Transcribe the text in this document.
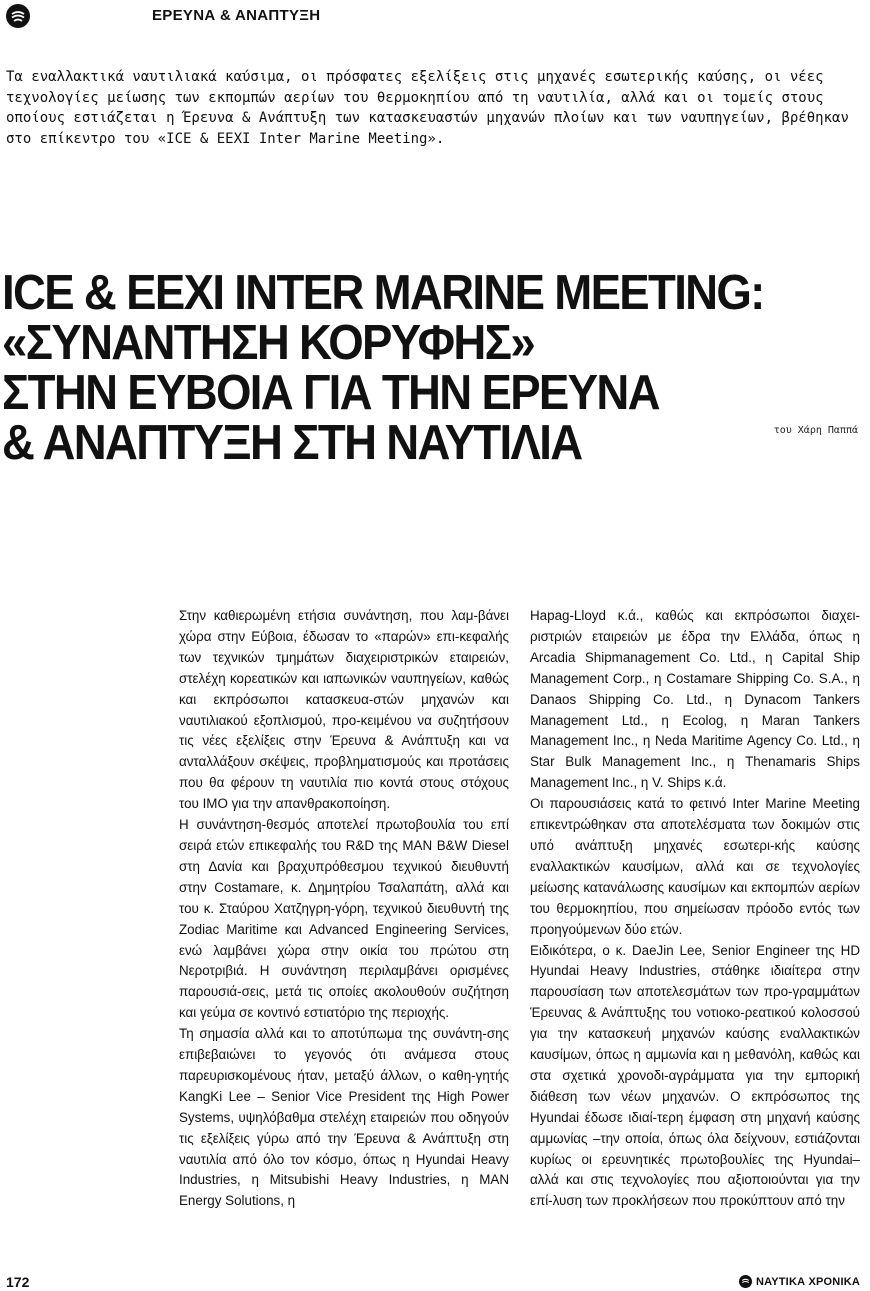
ΕΡΕΥΝΑ & ΑΝΑΠΤΥΞΗ

Τα εναλλακτικά ναυτιλιακά καύσιμα, οι πρόσφατες εξελίξεις στις μηχανές εσωτερικής καύσης, οι νέες τεχνολογίες μείωσης των εκπομπών αερίων του θερμοκηπίου από τη ναυτιλία, αλλά και οι τομείς στους οποίους εστιάζεται η Έρευνα & Ανάπτυξη των κατασκευαστών μηχανών πλοίων και των ναυπηγείων, βρέθηκαν στο επίκεντρο του «ICE & EEXI Inter Marine Meeting».

ICE & EEXI INTER MARINE MEETING:
«ΣΥΝΑΝΤΗΣΗ ΚΟΡΥΦΗΣ»
ΣΤΗΝ ΕΥΒΟΙΑ ΓΙΑ ΤΗΝ ΕΡΕΥΝΑ
& ΑΝΑΠΤΥΞΗ ΣΤΗ ΝΑΥΤΙΛΙΑ	του Χάρη Παππά

Στην καθιερωμένη ετήσια συνάντηση, που λαμ-βάνει χώρα στην Εύβοια, έδωσαν το «παρών» επι-κεφαλής των τεχνικών τμημάτων διαχειριστρικών εταιρειών, στελέχη κορεατικών και ιαπωνικών ναυπηγείων, καθώς και εκπρόσωποι κατασκευα-στών μηχανών και ναυτιλιακού εξοπλισμού, προ-κειμένου να συζητήσουν τις νέες εξελίξεις στην Έρευνα & Ανάπτυξη και να ανταλλάξουν σκέψεις, προβληματισμούς και προτάσεις που θα φέρουν τη ναυτιλία πιο κοντά στους στόχους του IMO για την απανθρακοποίηση.

Η συνάντηση-θεσμός αποτελεί πρωτοβουλία του επί σειρά ετών επικεφαλής του R&D της MAN B&W Diesel στη Δανία και βραχυπρόθεσμου τεχνικού διευθυντή στην Costamare, κ. Δημητρίου Τσαλαπάτη, αλλά και του κ. Σταύρου Χατζηγρη-γόρη, τεχνικού διευθυντή της Zodiac Maritime και Advanced Engineering Services, ενώ λαμβάνει χώρα στην οικία του πρώτου στη Νεροτριβιά. Η συνάντηση περιλαμβάνει ορισμένες παρουσιά-σεις, μετά τις οποίες ακολουθούν συζήτηση και γεύμα σε κοντινό εστιατόριο της περιοχής.

Τη σημασία αλλά και το αποτύπωμα της συνάντη-σης επιβεβαιώνει το γεγονός ότι ανάμεσα στους παρευρισκομένους ήταν, μεταξύ άλλων, ο καθη-γητής KangKi Lee – Senior Vice President της High Power Systems, υψηλόβαθμα στελέχη εταιρειών που οδηγούν τις εξελίξεις γύρω από την Έρευνα & Ανάπτυξη στη ναυτιλία από όλο τον κόσμο, όπως η Hyundai Heavy Industries, η Mitsubishi Heavy Industries, η MAN Energy Solutions, η

Hapag-Lloyd κ.ά., καθώς και εκπρόσωποι διαχει-ριστριών εταιρειών με έδρα την Ελλάδα, όπως η Arcadia Shipmanagement Co. Ltd., η Capital Ship Management Corp., η Costamare Shipping Co. S.A., η Danaos Shipping Co. Ltd., η Dynacom Tankers Management Ltd., η Ecolog, η Maran Tankers Management Inc., η Neda Maritime Agency Co. Ltd., η Star Bulk Management Inc., η Thenamaris Ships Management Inc., η V. Ships κ.ά.

Οι παρουσιάσεις κατά το φετινό Inter Marine Meeting επικεντρώθηκαν στα αποτελέσματα των δοκιμών στις υπό ανάπτυξη μηχανές εσωτερι-κής καύσης εναλλακτικών καυσίμων, αλλά και σε τεχνολογίες μείωσης κατανάλωσης καυσίμων και εκπομπών αερίων του θερμοκηπίου, που σημείωσαν πρόοδο εντός των προηγούμενων δύο ετών.

Ειδικότερα, ο κ. DaeJin Lee, Senior Engineer της HD Hyundai Heavy Industries, στάθηκε ιδιαίτερα στην παρουσίαση των αποτελεσμάτων των προ-γραμμάτων Έρευνας & Ανάπτυξης του νοτιοκο-ρεατικού κολοσσού για την κατασκευή μηχανών καύσης εναλλακτικών καυσίμων, όπως η αμμωνία και η μεθανόλη, καθώς και στα σχετικά χρονοδι-αγράμματα για την εμπορική διάθεση των νέων μηχανών. Ο εκπρόσωπος της Hyundai έδωσε ιδιαί-τερη έμφαση στη μηχανή καύσης αμμωνίας –την οποία, όπως όλα δείχνουν, εστιάζονται κυρίως οι ερευνητικές πρωτοβουλίες της Hyundai– αλλά και στις τεχνολογίες που αξιοποιούνται για την επί-λυση των προκλήσεων που προκύπτουν από την

172	ΝΑΥΤΙΚΑ ΧΡΟΝΙΚΑ
